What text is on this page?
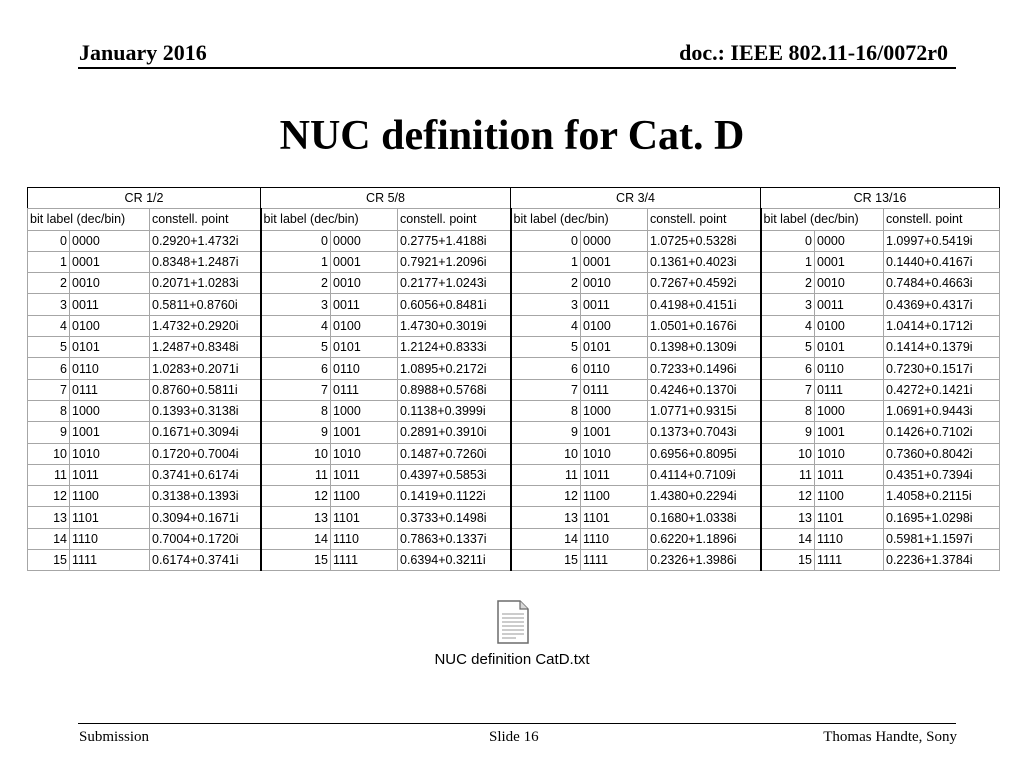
January 2016	doc.: IEEE 802.11-16/0072r0
NUC definition for Cat. D
CR 1/2			CR 5/8			CR 3/4			CR 13/16		
bit label (dec/bin)		constell. point	bit label (dec/bin)		constell. point	bit label (dec/bin)		constell. point	bit label (dec/bin)		constell. point
0	0000	0.2920+1.4732i	0	0000	0.2775+1.4188i	0	0000	1.0725+0.5328i	0	0000	1.0997+0.5419i
1	0001	0.8348+1.2487i	1	0001	0.7921+1.2096i	1	0001	0.1361+0.4023i	1	0001	0.1440+0.4167i
2	0010	0.2071+1.0283i	2	0010	0.2177+1.0243i	2	0010	0.7267+0.4592i	2	0010	0.7484+0.4663i
3	0011	0.5811+0.8760i	3	0011	0.6056+0.8481i	3	0011	0.4198+0.4151i	3	0011	0.4369+0.4317i
4	0100	1.4732+0.2920i	4	0100	1.4730+0.3019i	4	0100	1.0501+0.1676i	4	0100	1.0414+0.1712i
5	0101	1.2487+0.8348i	5	0101	1.2124+0.8333i	5	0101	0.1398+0.1309i	5	0101	0.1414+0.1379i
6	0110	1.0283+0.2071i	6	0110	1.0895+0.2172i	6	0110	0.7233+0.1496i	6	0110	0.7230+0.1517i
7	0111	0.8760+0.5811i	7	0111	0.8988+0.5768i	7	0111	0.4246+0.1370i	7	0111	0.4272+0.1421i
8	1000	0.1393+0.3138i	8	1000	0.1138+0.3999i	8	1000	1.0771+0.9315i	8	1000	1.0691+0.9443i
9	1001	0.1671+0.3094i	9	1001	0.2891+0.3910i	9	1001	0.1373+0.7043i	9	1001	0.1426+0.7102i
10	1010	0.1720+0.7004i	10	1010	0.1487+0.7260i	10	1010	0.6956+0.8095i	10	1010	0.7360+0.8042i
11	1011	0.3741+0.6174i	11	1011	0.4397+0.5853i	11	1011	0.4114+0.7109i	11	1011	0.4351+0.7394i
12	1100	0.3138+0.1393i	12	1100	0.1419+0.1122i	12	1100	1.4380+0.2294i	12	1100	1.4058+0.2115i
13	1101	0.3094+0.1671i	13	1101	0.3733+0.1498i	13	1101	0.1680+1.0338i	13	1101	0.1695+1.0298i
14	1110	0.7004+0.1720i	14	1110	0.7863+0.1337i	14	1110	0.6220+1.1896i	14	1110	0.5981+1.1597i
15	1111	0.6174+0.3741i	15	1111	0.6394+0.3211i	15	1111	0.2326+1.3986i	15	1111	0.2236+1.3784i
NUC definition CatD.txt
Submission	Slide 16	Thomas Handte, Sony
